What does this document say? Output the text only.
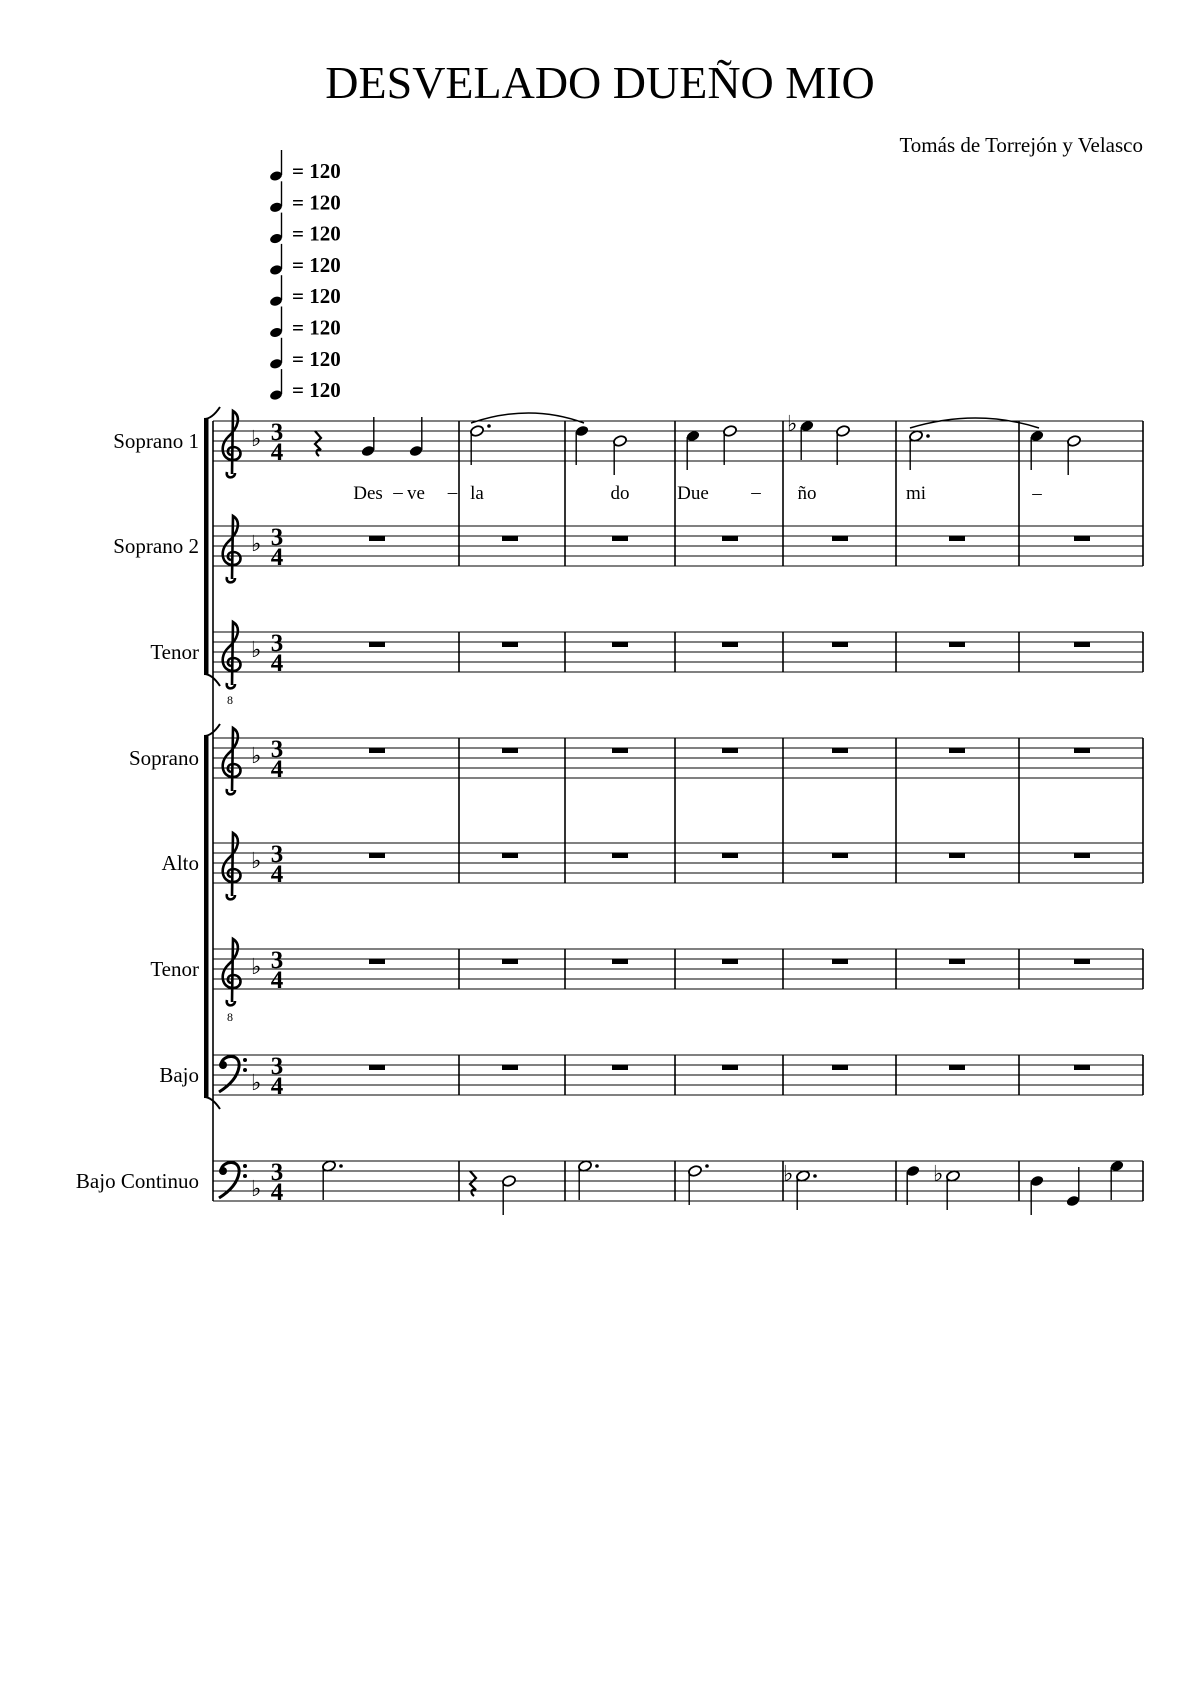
DESVELADO DUEÑO MIO
Tomás de Torrejón y Velasco
= 120
= 120
= 120
= 120
= 120
= 120
= 120
= 120
Soprano 1 ♭ 3
4
Des – ve – la	do	Due –
♭
ño	mi	–
Soprano 2 ♭ 3
4
Tenor
8
♭ 3
4
Soprano ♭ 3
4
Alto ♭ 3
4
Tenor
8
♭ 3
4
Bajo ♭
3
4
Bajo Continuo ♭
3
4
♭	♭
